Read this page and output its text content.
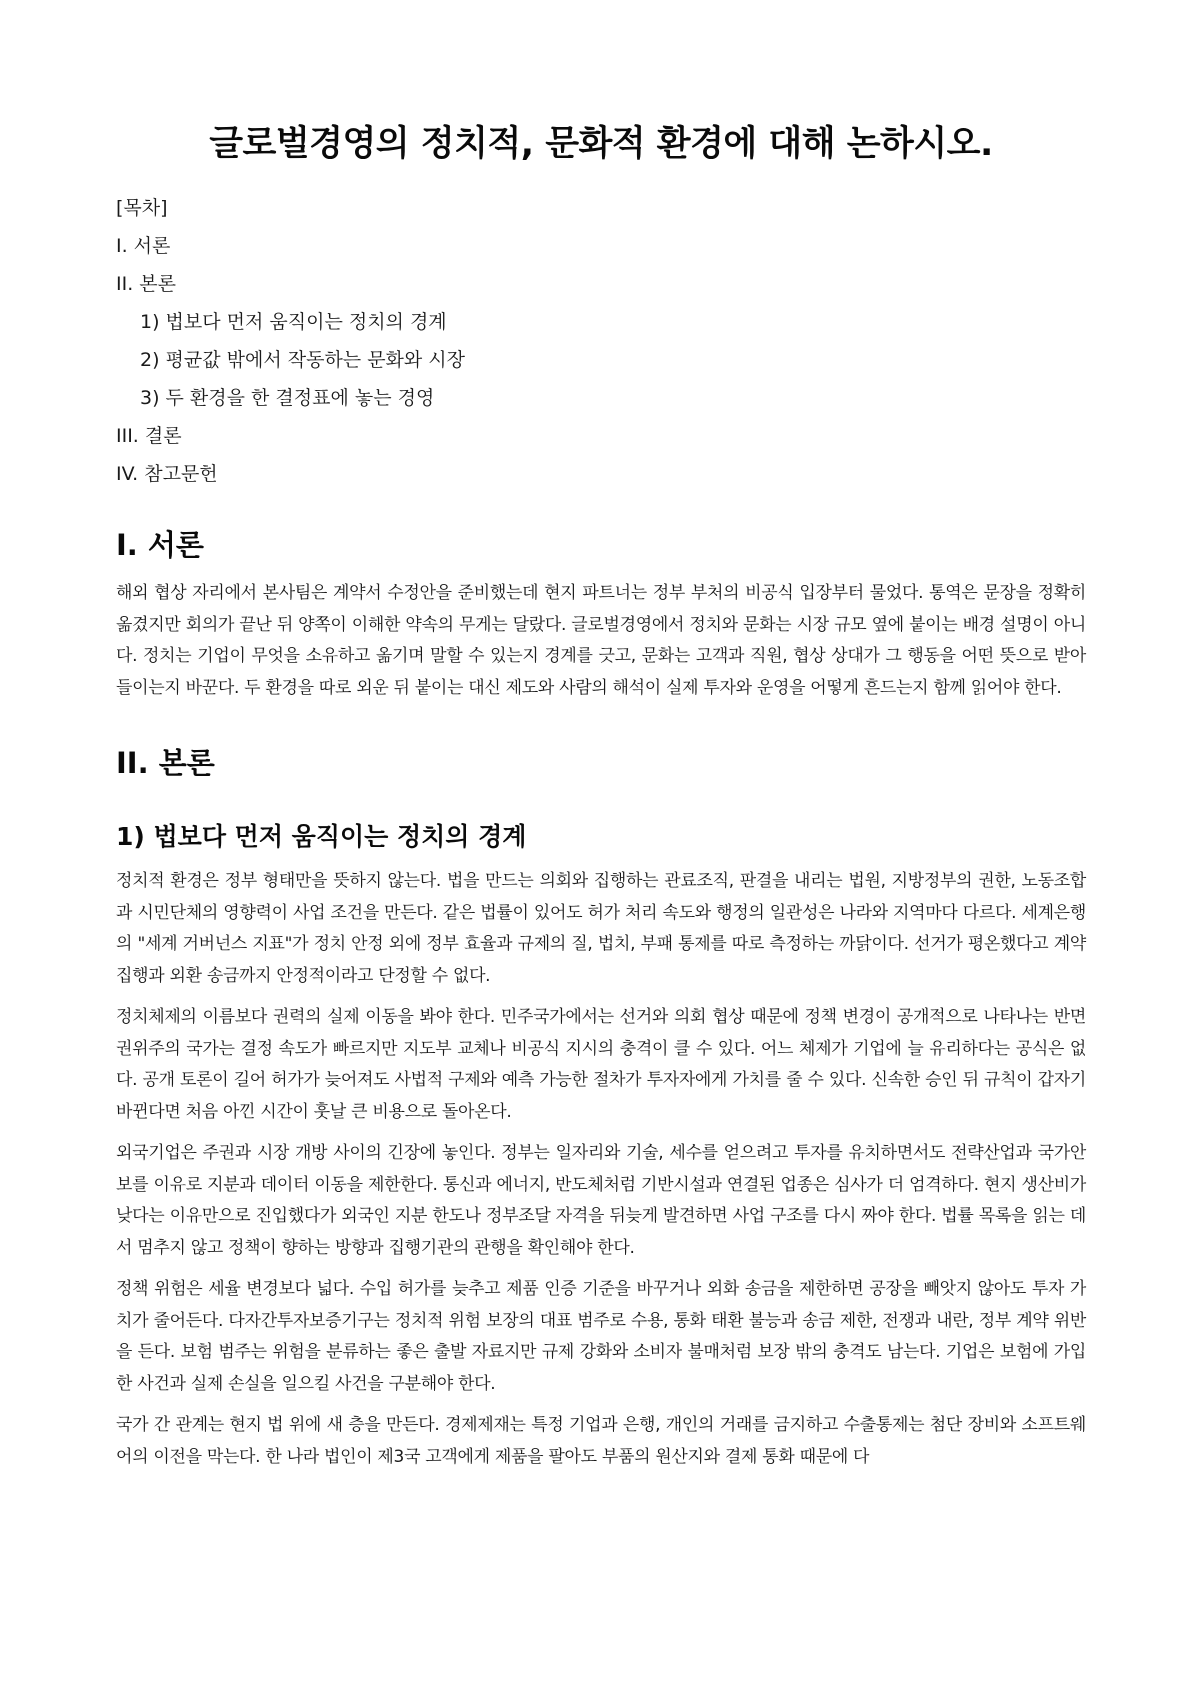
글로벌경영의 정치적, 문화적 환경에 대해 논하시오.

[목차]

I. 서론

II. 본론

1) 법보다 먼저 움직이는 정치의 경계

2) 평균값 밖에서 작동하는 문화와 시장

3) 두 환경을 한 결정표에 놓는 경영

III. 결론

IV. 참고문헌

I. 서론

해외 협상 자리에서 본사팀은 계약서 수정안을 준비했는데 현지 파트너는 정부 부처의 비공식 입장부터 물었다. 통역은 문장을 정확히 옮겼지만 회의가 끝난 뒤 양쪽이 이해한 약속의 무게는 달랐다. 글로벌경영에서 정치와 문화는 시장 규모 옆에 붙이는 배경 설명이 아니다. 정치는 기업이 무엇을 소유하고 옮기며 말할 수 있는지 경계를 긋고, 문화는 고객과 직원, 협상 상대가 그 행동을 어떤 뜻으로 받아들이는지 바꾼다. 두 환경을 따로 외운 뒤 붙이는 대신 제도와 사람의 해석이 실제 투자와 운영을 어떻게 흔드는지 함께 읽어야 한다.

II. 본론
1) 법보다 먼저 움직이는 정치의 경계

정치적 환경은 정부 형태만을 뜻하지 않는다. 법을 만드는 의회와 집행하는 관료조직, 판결을 내리는 법원, 지방정부의 권한, 노동조합과 시민단체의 영향력이 사업 조건을 만든다. 같은 법률이 있어도 허가 처리 속도와 행정의 일관성은 나라와 지역마다 다르다. 세계은행의 "세계 거버넌스 지표"가 정치 안정 외에 정부 효율과 규제의 질, 법치, 부패 통제를 따로 측정하는 까닭이다. 선거가 평온했다고 계약 집행과 외환 송금까지 안정적이라고 단정할 수 없다.

정치체제의 이름보다 권력의 실제 이동을 봐야 한다. 민주국가에서는 선거와 의회 협상 때문에 정책 변경이 공개적으로 나타나는 반면 권위주의 국가는 결정 속도가 빠르지만 지도부 교체나 비공식 지시의 충격이 클 수 있다. 어느 체제가 기업에 늘 유리하다는 공식은 없다. 공개 토론이 길어 허가가 늦어져도 사법적 구제와 예측 가능한 절차가 투자자에게 가치를 줄 수 있다. 신속한 승인 뒤 규칙이 갑자기 바뀐다면 처음 아낀 시간이 훗날 큰 비용으로 돌아온다.

외국기업은 주권과 시장 개방 사이의 긴장에 놓인다. 정부는 일자리와 기술, 세수를 얻으려고 투자를 유치하면서도 전략산업과 국가안보를 이유로 지분과 데이터 이동을 제한한다. 통신과 에너지, 반도체처럼 기반시설과 연결된 업종은 심사가 더 엄격하다. 현지 생산비가 낮다는 이유만으로 진입했다가 외국인 지분 한도나 정부조달 자격을 뒤늦게 발견하면 사업 구조를 다시 짜야 한다. 법률 목록을 읽는 데서 멈추지 않고 정책이 향하는 방향과 집행기관의 관행을 확인해야 한다.

정책 위험은 세율 변경보다 넓다. 수입 허가를 늦추고 제품 인증 기준을 바꾸거나 외화 송금을 제한하면 공장을 빼앗지 않아도 투자 가치가 줄어든다. 다자간투자보증기구는 정치적 위험 보장의 대표 범주로 수용, 통화 태환 불능과 송금 제한, 전쟁과 내란, 정부 계약 위반을 든다. 보험 범주는 위험을 분류하는 좋은 출발 자료지만 규제 강화와 소비자 불매처럼 보장 밖의 충격도 남는다. 기업은 보험에 가입한 사건과 실제 손실을 일으킬 사건을 구분해야 한다.

국가 간 관계는 현지 법 위에 새 층을 만든다. 경제제재는 특정 기업과 은행, 개인의 거래를 금지하고 수출통제는 첨단 장비와 소프트웨어의 이전을 막는다. 한 나라 법인이 제3국 고객에게 제품을 팔아도 부품의 원산지와 결제 통화 때문에 다
